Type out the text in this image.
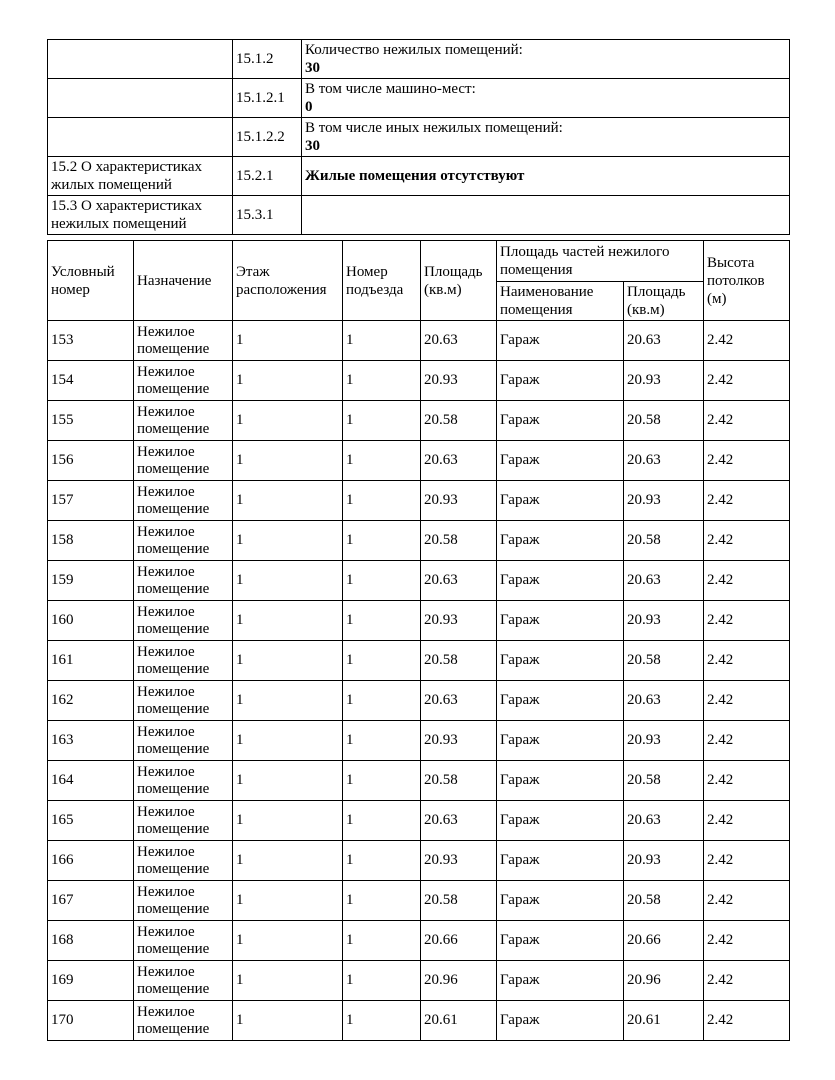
	15.1.2	Количество нежилых помещений:
30

	15.1.2.1	В том числе машино-мест:
0

	15.1.2.2	В том числе иных нежилых помещений:
30

15.2 О характеристиках жилых помещений	15.2.1	Жилые помещения отсутствуют

15.3 О характеристиках нежилых помещений	15.3.1	
Условный номер	Назначение	Этаж расположения	Номер подъезда	Площадь (кв.м)	Площадь частей нежилого помещения		Высота потолков (м)
					Наименование помещения	Площадь (кв.м)	
153	Нежилое помещение	1	1	20.63	Гараж	20.63	2.42
154	Нежилое помещение	1	1	20.93	Гараж	20.93	2.42
155	Нежилое помещение	1	1	20.58	Гараж	20.58	2.42
156	Нежилое помещение	1	1	20.63	Гараж	20.63	2.42
157	Нежилое помещение	1	1	20.93	Гараж	20.93	2.42
158	Нежилое помещение	1	1	20.58	Гараж	20.58	2.42
159	Нежилое помещение	1	1	20.63	Гараж	20.63	2.42
160	Нежилое помещение	1	1	20.93	Гараж	20.93	2.42
161	Нежилое помещение	1	1	20.58	Гараж	20.58	2.42
162	Нежилое помещение	1	1	20.63	Гараж	20.63	2.42
163	Нежилое помещение	1	1	20.93	Гараж	20.93	2.42
164	Нежилое помещение	1	1	20.58	Гараж	20.58	2.42
165	Нежилое помещение	1	1	20.63	Гараж	20.63	2.42
166	Нежилое помещение	1	1	20.93	Гараж	20.93	2.42
167	Нежилое помещение	1	1	20.58	Гараж	20.58	2.42
168	Нежилое помещение	1	1	20.66	Гараж	20.66	2.42
169	Нежилое помещение	1	1	20.96	Гараж	20.96	2.42
170	Нежилое помещение	1	1	20.61	Гараж	20.61	2.42
